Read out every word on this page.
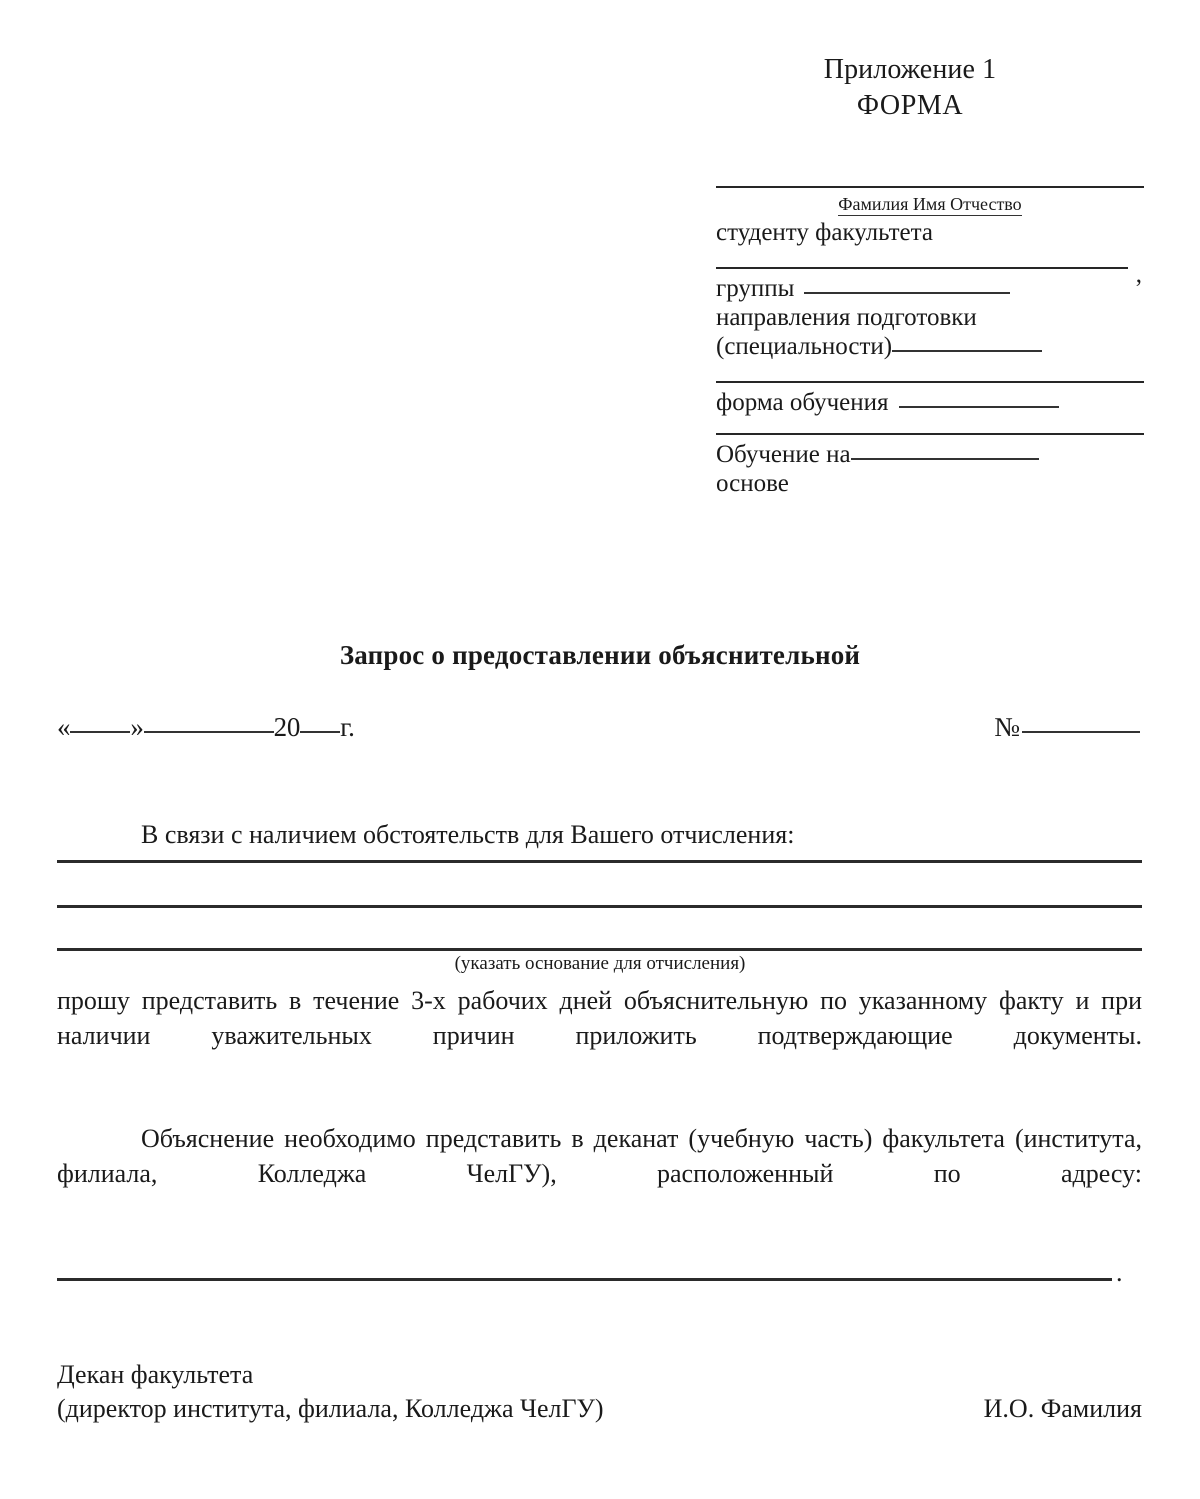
Приложение 1
ФОРМА
Фамилия Имя Отчество
студенту факультета
,
группы
направления подготовки
(специальности)
форма обучения
Обучение на
основе
Запрос о предоставлении объяснительной
« »	20 г.	№
В связи с наличием обстоятельств для Вашего отчисления:
(указать основание для отчисления)
прошу представить в течение 3-х рабочих дней объяснительную по указанному факту и при наличии уважительных причин приложить подтверждающие документы.
Объяснение необходимо представить в деканат (учебную часть) факультета (института, филиала, Колледжа ЧелГУ), расположенный по	адресу:
.
Декан факультета
(директор института, филиала, Колледжа ЧелГУ)	И.О. Фамилия
